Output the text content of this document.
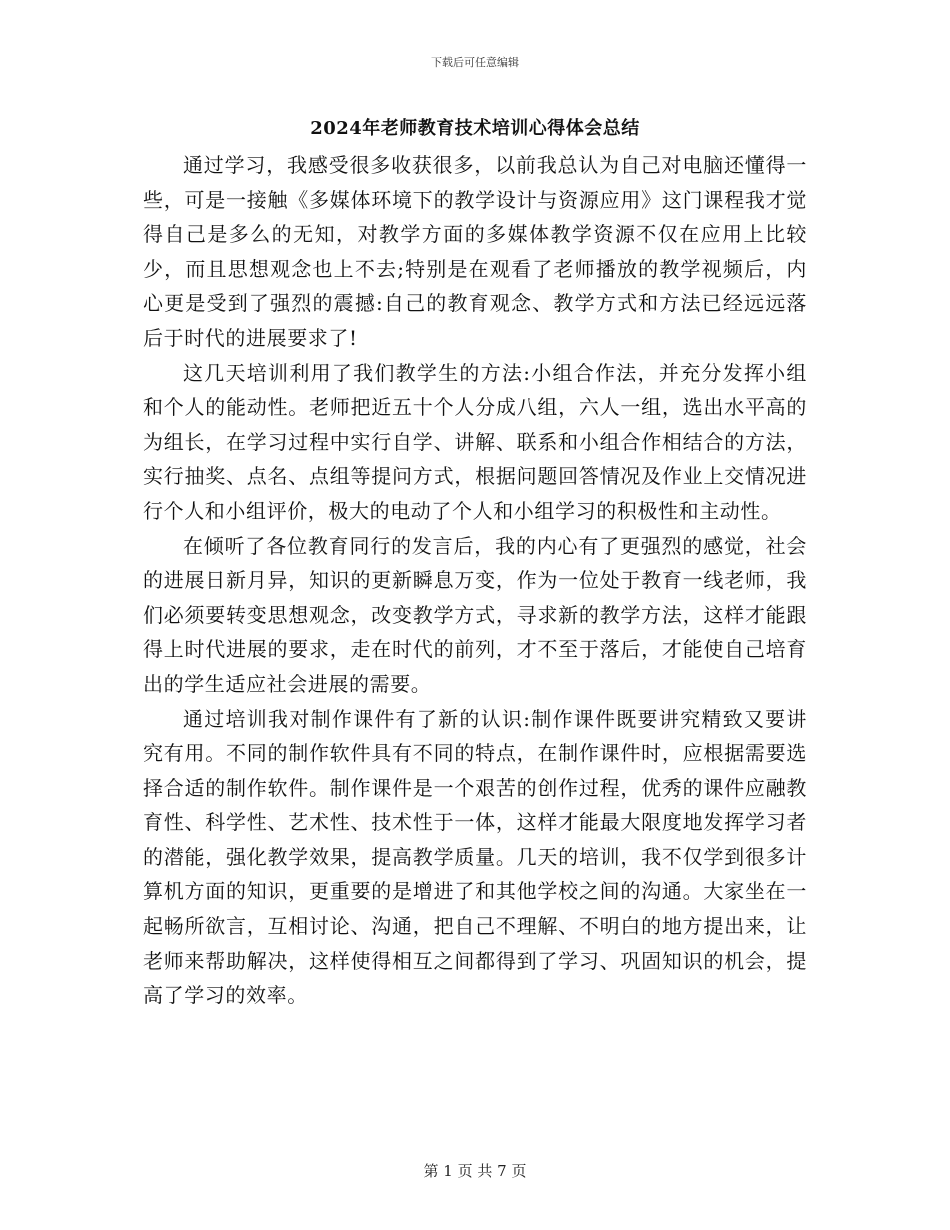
下载后可任意编辑
2024年老师教育技术培训心得体会总结

通过学习，我感受很多收获很多，以前我总认为自己对电脑还懂得一些，可是一接触《多媒体环境下的教学设计与资源应用》这门课程我才觉得自己是多么的无知，对教学方面的多媒体教学资源不仅在应用上比较少，而且思想观念也上不去;特别是在观看了老师播放的教学视频后，内心更是受到了强烈的震撼:自己的教育观念、教学方式和方法已经远远落后于时代的进展要求了!

这几天培训利用了我们教学生的方法:小组合作法，并充分发挥小组和个人的能动性。老师把近五十个人分成八组，六人一组，选出水平高的为组长，在学习过程中实行自学、讲解、联系和小组合作相结合的方法，实行抽奖、点名、点组等提问方式，根据问题回答情况及作业上交情况进行个人和小组评价，极大的电动了个人和小组学习的积极性和主动性。

在倾听了各位教育同行的发言后，我的内心有了更强烈的感觉，社会的进展日新月异，知识的更新瞬息万变，作为一位处于教育一线老师，我们必须要转变思想观念，改变教学方式，寻求新的教学方法，这样才能跟得上时代进展的要求，走在时代的前列，才不至于落后，才能使自己培育出的学生适应社会进展的需要。

通过培训我对制作课件有了新的认识:制作课件既要讲究精致又要讲究有用。不同的制作软件具有不同的特点，在制作课件时，应根据需要选择合适的制作软件。制作课件是一个艰苦的创作过程，优秀的课件应融教育性、科学性、艺术性、技术性于一体，这样才能最大限度地发挥学习者的潜能，强化教学效果，提高教学质量。几天的培训，我不仅学到很多计算机方面的知识，更重要的是增进了和其他学校之间的沟通。大家坐在一起畅所欲言，互相讨论、沟通，把自己不理解、不明白的地方提出来，让老师来帮助解决，这样使得相互之间都得到了学习、巩固知识的机会，提高了学习的效率。

第 1 页 共 7 页
